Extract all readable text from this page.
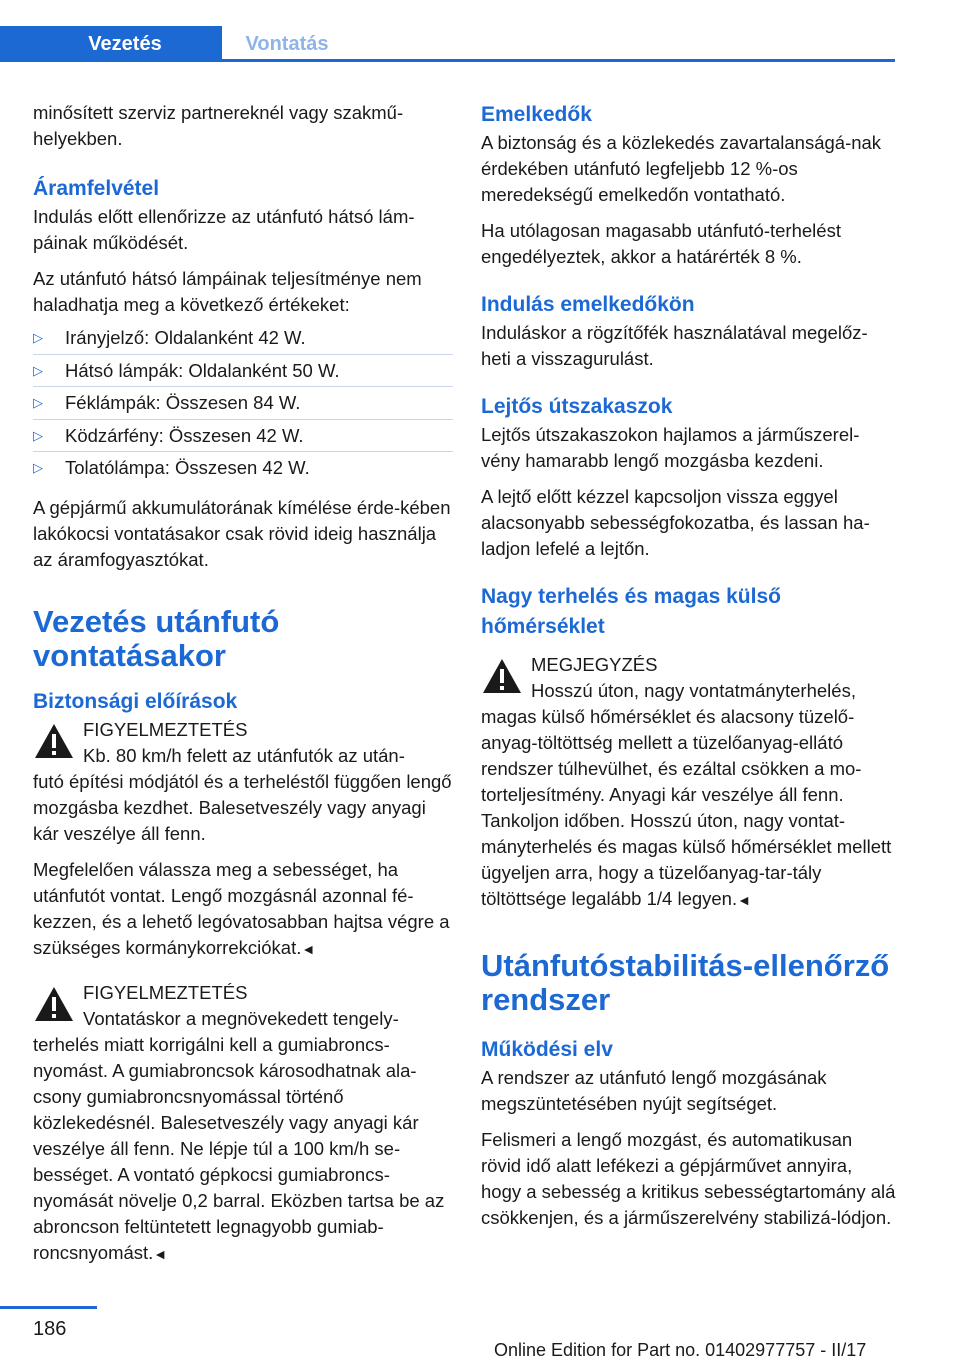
Vezetés	Vontatás

minősített szerviz partnereknél vagy szakmű-helyekben.

Áramfelvétel

Indulás előtt ellenőrizze az utánfutó hátsó lám-páinak működését.

Az utánfutó hátsó lámpáinak teljesítménye nem haladhatja meg a következő értékeket:

▷	Irányjelző: Oldalanként 42 W.
▷	Hátsó lámpák: Oldalanként 50 W.
▷	Féklámpák: Összesen 84 W.
▷	Ködzárfény: Összesen 42 W.
▷	Tolatólámpa: Összesen 42 W.

A gépjármű akkumulátorának kímélése érde-kében lakókocsi vontatásakor csak rövid ideig használja az áramfogyasztókat.

Vezetés utánfutó vontatásakor
Biztonsági előírások
FIGYELMEZTETÉS
Kb. 80 km/h felett az utánfutók az után-

futó építési módjától és a terheléstől függően lengő mozgásba kezdhet. Balesetveszély vagy anyagi kár veszélye áll fenn.

Megfelelően válassza meg a sebességet, ha utánfutót vontat. Lengő mozgásnál azonnal fé-kezzen, és a lehető legóvatosabban hajtsa végre a szükséges kormánykorrekciókat.◄

FIGYELMEZTETÉS
Vontatáskor a megnövekedett tengely-

terhelés miatt korrigálni kell a gumiabroncs-nyomást. A gumiabroncsok károsodhatnak ala-csony gumiabroncsnyomással történő közlekedésnél. Balesetveszély vagy anyagi kár veszélye áll fenn. Ne lépje túl a 100 km/h se-bességet. A vontató gépkocsi gumiabroncs-nyomását növelje 0,2 barral. Eközben tartsa be az abroncson feltüntetett legnagyobb gumiab-roncsnyomást.◄

Emelkedők

A biztonság és a közlekedés zavartalanságá-nak érdekében utánfutó legfeljebb 12 %-os meredekségű emelkedőn vontatható.

Ha utólagosan magasabb utánfutó-terhelést engedélyeztek, akkor a határérték 8 %.

Indulás emelkedőkön

Induláskor a rögzítőfék használatával megelőz-heti a visszagurulást.

Lejtős útszakaszok

Lejtős útszakaszokon hajlamos a járműszerel-vény hamarabb lengő mozgásba kezdeni.

A lejtő előtt kézzel kapcsoljon vissza eggyel alacsonyabb sebességfokozatba, és lassan ha-ladjon lefelé a lejtőn.

Nagy terhelés és magas külső hőmérséklet
MEGJEGYZÉS
Hosszú úton, nagy vontatmányterhelés,

magas külső hőmérséklet és alacsony tüzelő-anyag-töltöttség mellett a tüzelőanyag-ellátó rendszer túlhevülhet, és ezáltal csökken a mo-torteljesítmény. Anyagi kár veszélye áll fenn. Tankoljon időben. Hosszú úton, nagy vontat-mányterhelés és magas külső hőmérséklet mellett ügyeljen arra, hogy a tüzelőanyag-tar-tály töltöttsége legalább 1/4 legyen.◄

Utánfutóstabilitás-ellenőrző rendszer
Működési elv

A rendszer az utánfutó lengő mozgásának megszüntetésében nyújt segítséget.

Felismeri a lengő mozgást, és automatikusan rövid idő alatt lefékezi a gépjárművet annyira, hogy a sebesség a kritikus sebességtartomány alá csökkenjen, és a járműszerelvény stabilizá-lódjon.

186
Online Edition for Part no. 01402977757 - II/17
